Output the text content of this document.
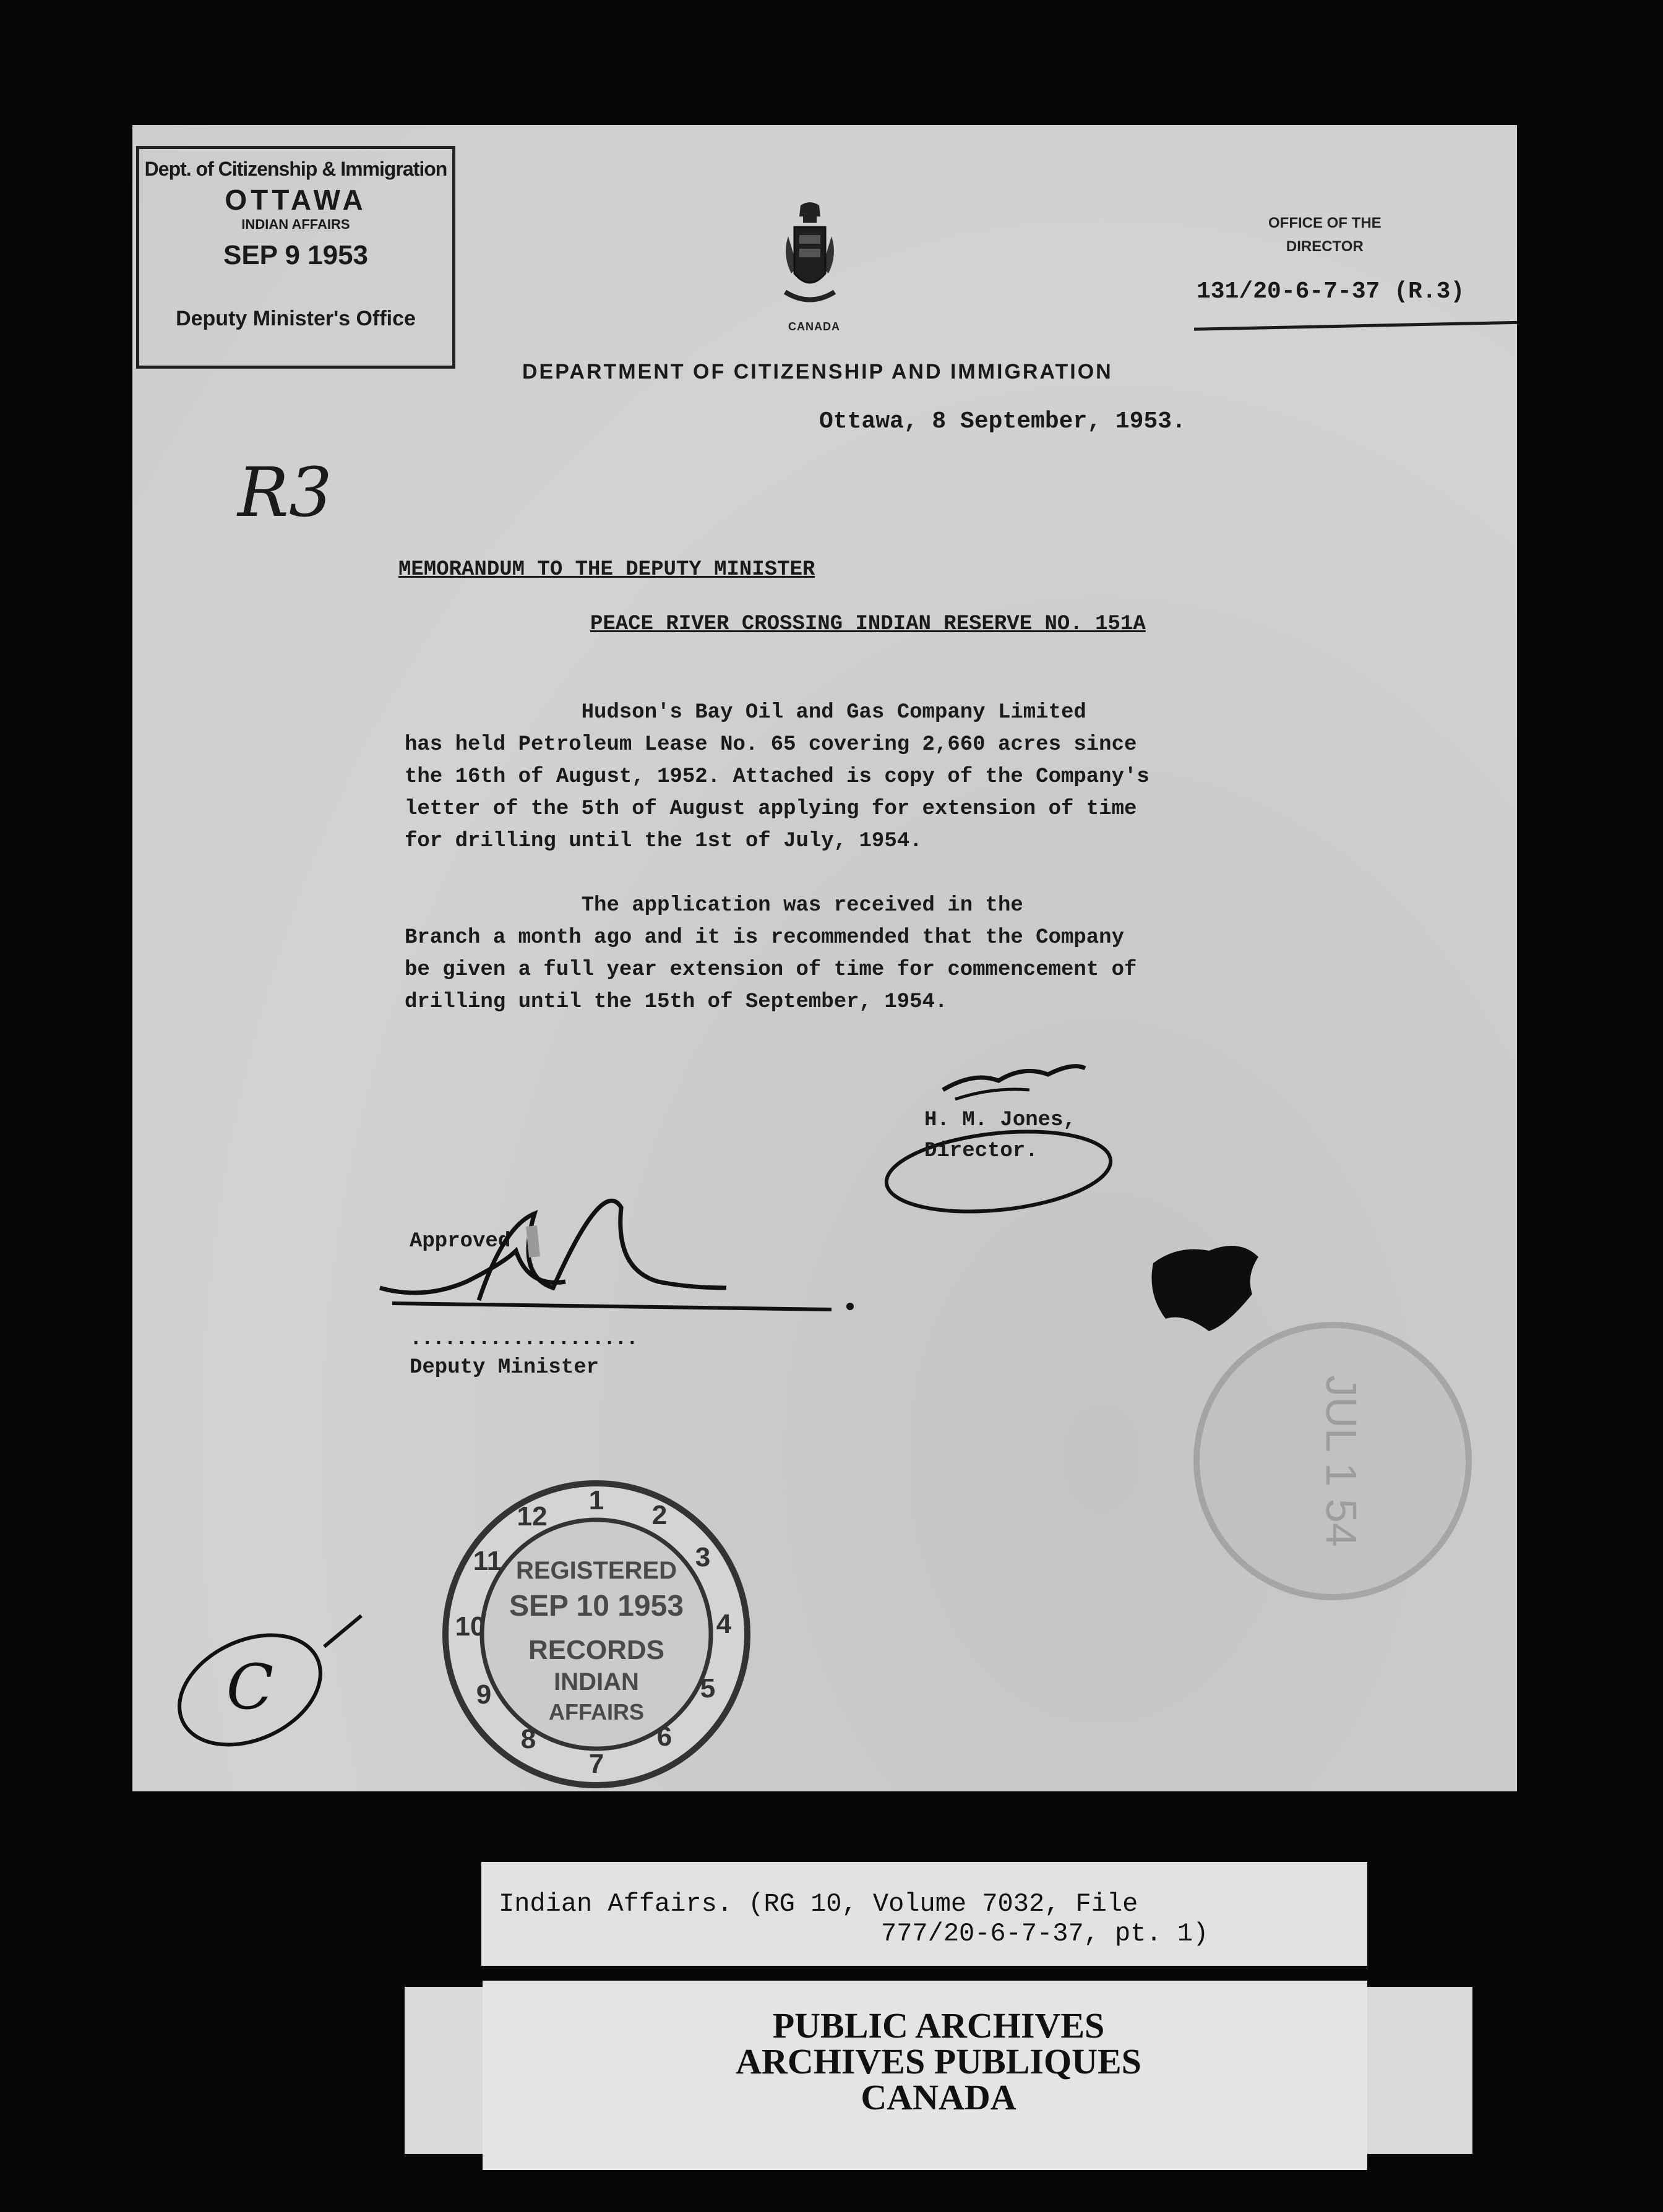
Dept. of Citizenship & Immigration
OTTAWA
INDIAN AFFAIRS
SEP 9 1953
Deputy Minister's Office	CANADA
OFFICE OF THE
DIRECTOR
131/20-6-7-37 (R.3)
DEPARTMENT OF CITIZENSHIP AND IMMIGRATION
Ottawa, 8 September, 1953.
R3
MEMORANDUM TO THE DEPUTY MINISTER
PEACE RIVER CROSSING INDIAN RESERVE NO. 151A
Hudson's Bay Oil and Gas Company Limited
has held Petroleum Lease No. 65 covering 2,660 acres since
the 16th of August, 1952. Attached is copy of the Company's
letter of the 5th of August applying for extension of time
for drilling until the 1st of July, 1954.
The application was received in the
Branch a month ago and it is recommended that the Company
be given a full year extension of time for commencement of
drilling until the 15th of September, 1954.
H. M. Jones,
Director.
Approved
....................
Deputy Minister
JUL 1 54
1 2
3
4
5
6
7
8
9
10
11
12
REGISTERED
SEP 10 1953
RECORDS
INDIAN
AFFAIRS
C
Indian Affairs. (RG 10, Volume 7032, File
777/20-6-7-37, pt. 1)
PUBLIC ARCHIVES
ARCHIVES PUBLIQUES
CANADA
